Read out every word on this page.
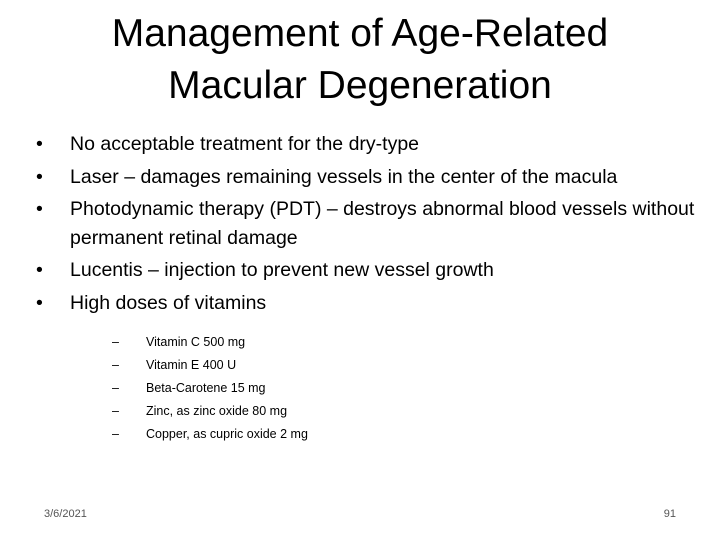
Management of Age-Related
Macular Degeneration
•	No acceptable treatment for the dry-type
•	Laser – damages remaining vessels in the center of the macula
•	Photodynamic therapy (PDT) – destroys abnormal blood vessels without permanent retinal damage
•	Lucentis – injection to prevent new vessel growth
•	High doses of vitamins
–	Vitamin C 500 mg
–	Vitamin E 400 U
–	Beta-Carotene 15 mg
–	Zinc, as zinc oxide 80 mg
–	Copper, as cupric oxide 2 mg
3/6/2021	91
